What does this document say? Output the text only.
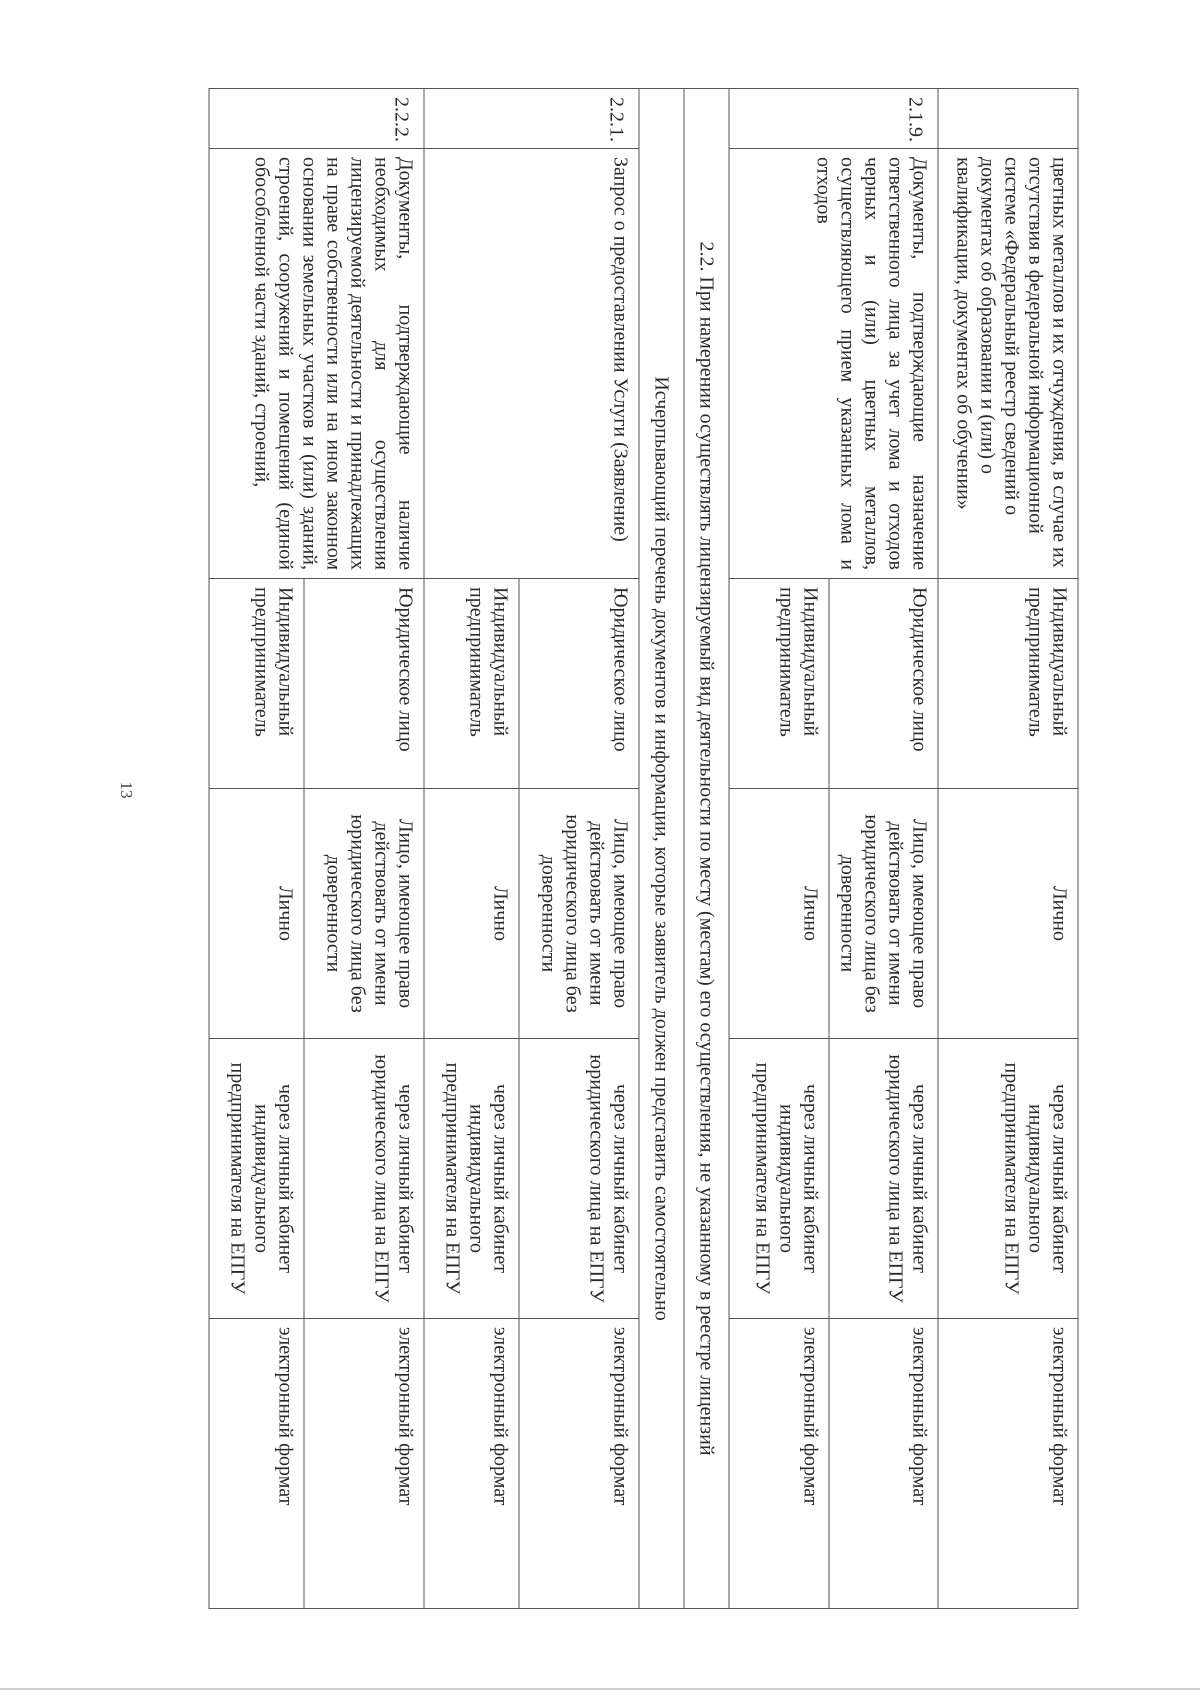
13
	цветных металлов и их отчуждения, в случае их отсутствия в федеральной информационной системе «Федеральный реестр сведений о документах об образовании и (или) о квалификации, документах об обучении»	Индивидуальный предприниматель	Лично	через личный кабинет индивидуального предпринимателя на ЕПГУ	электронный формат
2.1.9.	Документы, подтверждающие назначение ответственного лица за учет лома и отходов черных и (или) цветных металлов, осуществляющего прием указанных лома и отходов	Юридическое лицо	Лицо, имеющее право действовать от имени юридического лица без доверенности	через личный кабинет юридического лица на ЕПГУ	электронный формат
		Индивидуальный предприниматель	Лично	через личный кабинет индивидуального предпринимателя на ЕПГУ	электронный формат
2.2. При намерении осуществлять лицензируемый вид деятельности по месту (местам) его осуществления, не указанному в реестре лицензий					
Исчерпывающий перечень документов и информации, которые заявитель должен представить самостоятельно					
2.2.1.	Запрос о предоставлении Услуги (Заявление)	Юридическое лицо	Лицо, имеющее право действовать от имени юридического лица без доверенности	через личный кабинет юридического лица на ЕПГУ	электронный формат
		Индивидуальный предприниматель	Лично	через личный кабинет индивидуального предпринимателя на ЕПГУ	электронный формат
2.2.2.	Документы, подтверждающие наличие необходимых для осуществления лицензируемой деятельности и принадлежащих на праве собственности или на ином законном основании земельных участков и (или) зданий, строений, сооружений и помещений (единой обособленной части зданий, строений,	Юридическое лицо	Лицо, имеющее право действовать от имени юридического лица без доверенности	через личный кабинет юридического лица на ЕПГУ	электронный формат
		Индивидуальный предприниматель	Лично	через личный кабинет индивидуального предпринимателя на ЕПГУ	электронный формат
